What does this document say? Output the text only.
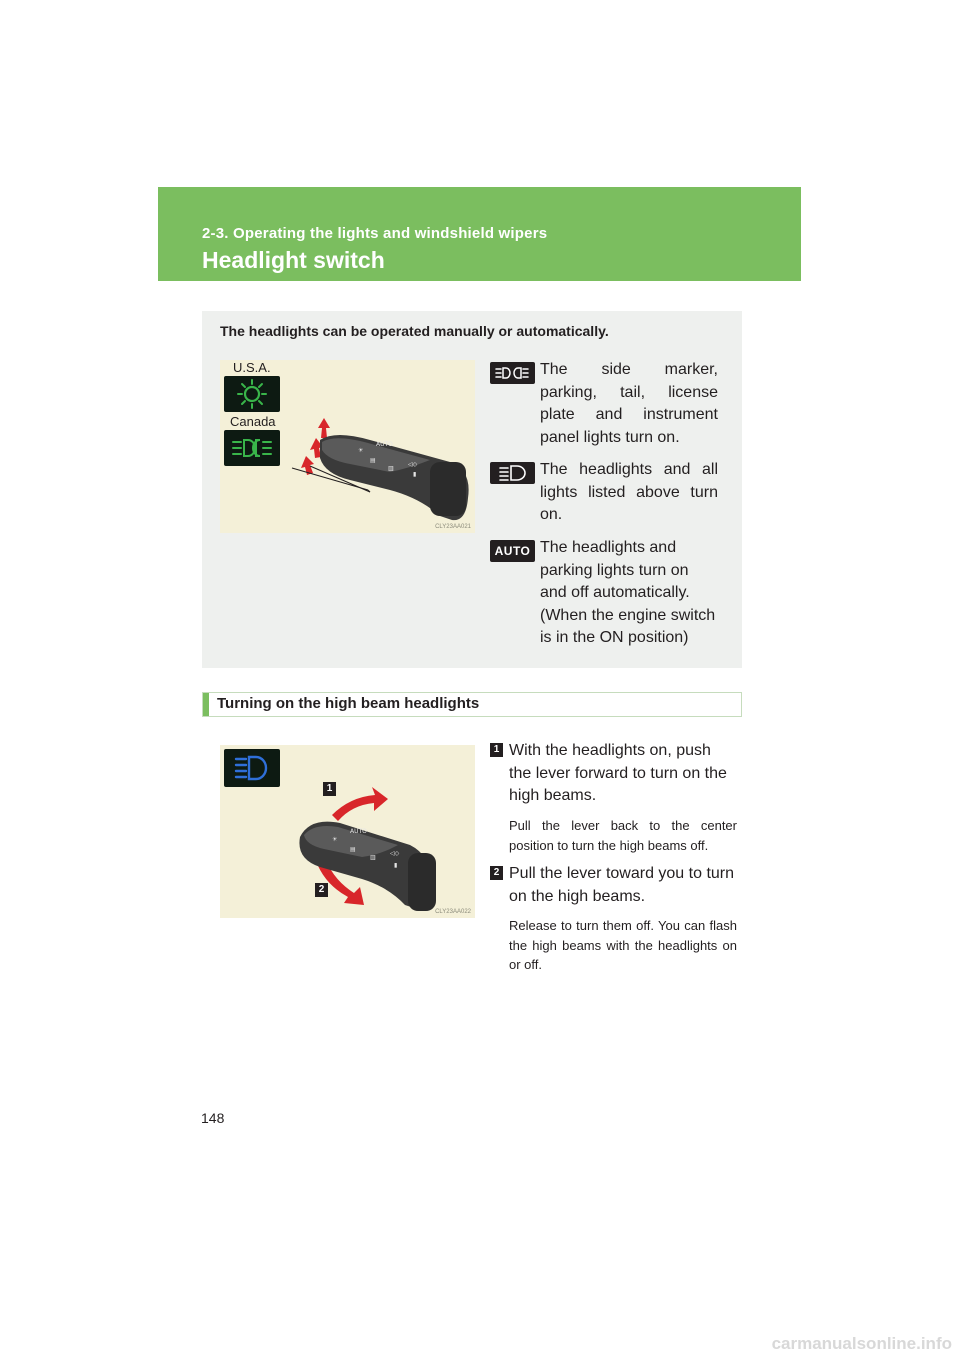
2-3. Operating the lights and windshield wipers
Headlight switch
The headlights can be operated manually or automatically.
U.S.A.
Canada
AUTO
☀
▤
▥
◁◇
▮
CLY23AA021
The side marker, parking, tail, license plate and instrument panel lights turn on.
The headlights and all lights listed above turn on.
AUTO The headlights and parking lights turn on and off automatically. (When the engine switch is in the ON position)
Turning on the high beam headlights
AUTO
☀
▤
▥
◁◇
▮
1
2
CLY23AA022
1 With the headlights on, push the lever forward to turn on the high beams.
Pull the lever back to the center position to turn the high beams off.
2 Pull the lever toward you to turn on the high beams.
Release to turn them off. You can flash the high beams with the headlights on or off.
148
carmanualsonline.info
